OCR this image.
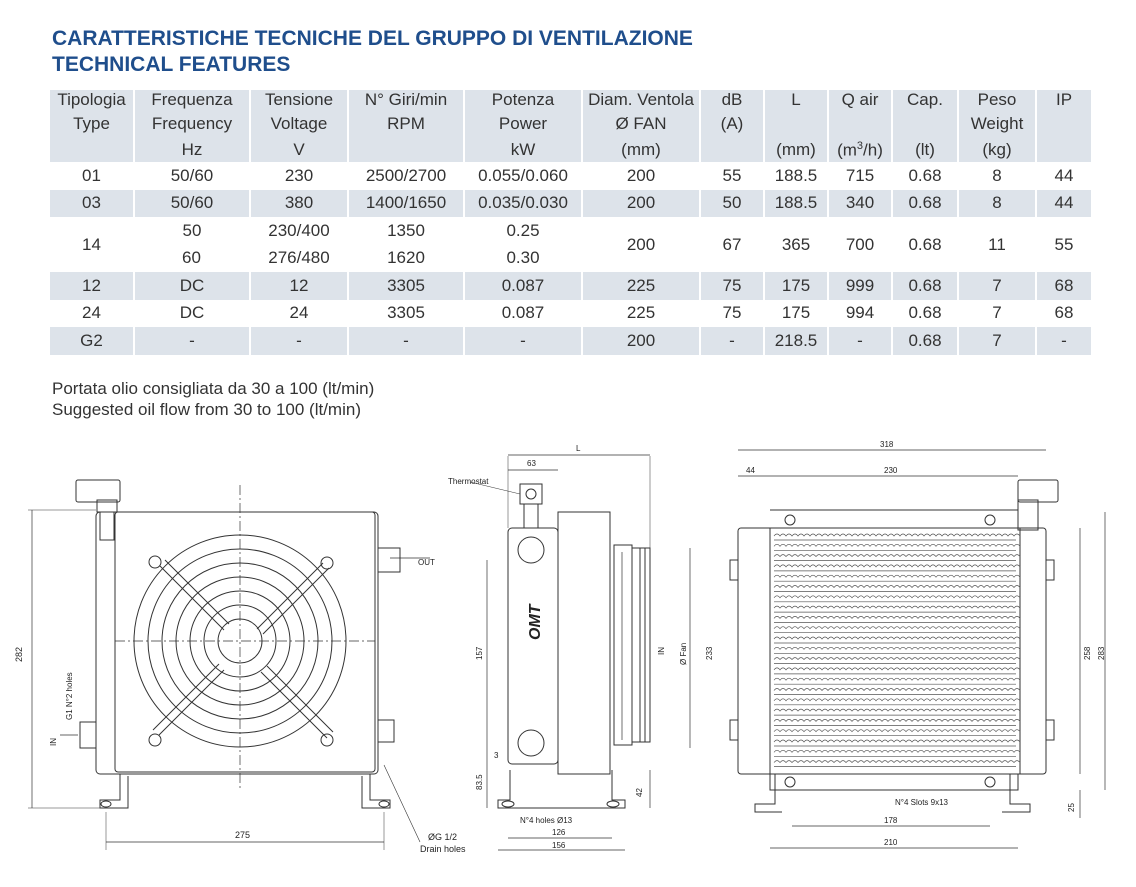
CARATTERISTICHE TECNICHE DEL GRUPPO DI VENTILAZIONE
TECHNICAL FEATURES
Tipologia	Frequenza	Tensione	N° Giri/min	Potenza	Diam. Ventola	dB	L	Q air	Cap.	Peso	IP
Type	Frequency	Voltage	RPM	Power	Ø FAN	(A)				Weight	
	Hz	V		kW	(mm)		(mm)	$(m^3/h)$	(lt)	(kg)	
01	50/60	230	2500/2700	0.055/0.060	200	55	188.5	715	0.68	8	44
03	50/60	380	1400/1650	0.035/0.030	200	50	188.5	340	0.68	8	44
14	50	230/400	1350	0.25	200	67	365	700	0.68	11	55
	60	276/480	1620	0.30							
12	DC	12	3305	0.087	225	75	175	999	0.68	7	68
24	DC	24	3305	0.087	225	75	175	994	0.68	7	68
G2	-	-	-	-	200	-	218.5	-	0.68	7	-
Portata olio consigliata da 30 a 100 (lt/min)
Suggested oil flow from 30 to 100 (lt/min)
282
G1 N°2 holes
IN
OUT
275	ØG 1/2
Drain holes
Thermostat
63
L
157
3
83.5
42
N°4 holes Ø13
126
156
233
Ø Fan
IN
OMT
318
44	230
258 283
25
N°4 Slots 9x13
178
210
